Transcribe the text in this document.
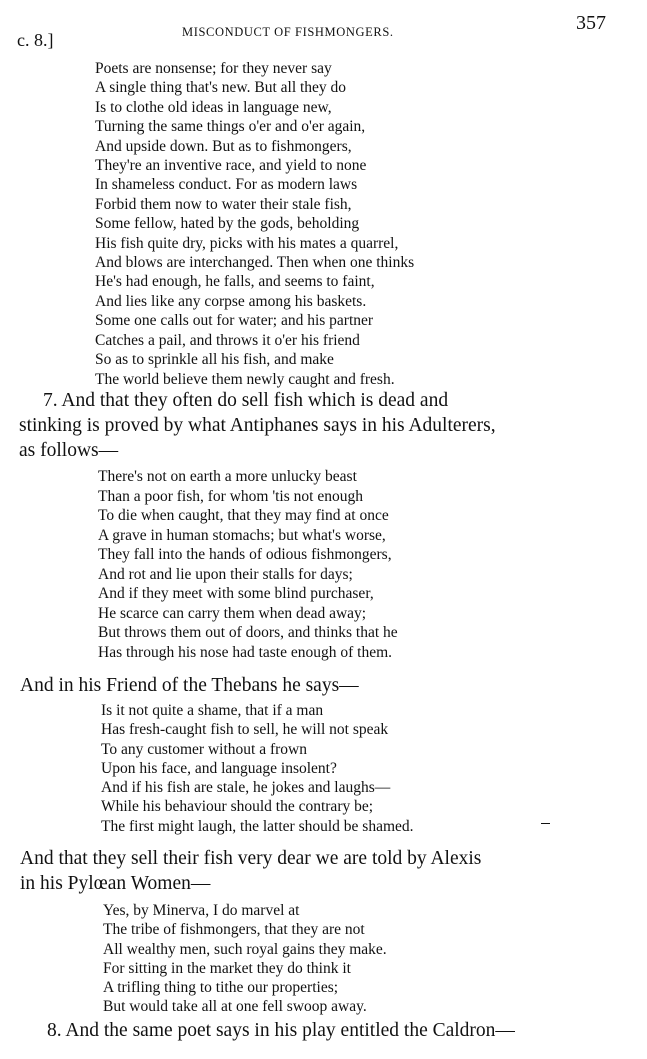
c. 8.]	MISCONDUCT OF FISHMONGERS.	357
Poets are nonsense; for they never say
A single thing that's new. But all they do
Is to clothe old ideas in language new,
Turning the same things o'er and o'er again,
And upside down. But as to fishmongers,
They're an inventive race, and yield to none
In shameless conduct. For as modern laws
Forbid them now to water their stale fish,
Some fellow, hated by the gods, beholding
His fish quite dry, picks with his mates a quarrel,
And blows are interchanged. Then when one thinks
He's had enough, he falls, and seems to faint,
And lies like any corpse among his baskets.
Some one calls out for water; and his partner
Catches a pail, and throws it o'er his friend
So as to sprinkle all his fish, and make
The world believe them newly caught and fresh.
7. And that they often do sell fish which is dead and
stinking is proved by what Antiphanes says in his Adulterers,
as follows—
There's not on earth a more unlucky beast
Than a poor fish, for whom 'tis not enough
To die when caught, that they may find at once
A grave in human stomachs; but what's worse,
They fall into the hands of odious fishmongers,
And rot and lie upon their stalls for days;
And if they meet with some blind purchaser,
He scarce can carry them when dead away;
But throws them out of doors, and thinks that he
Has through his nose had taste enough of them.
And in his Friend of the Thebans he says—
Is it not quite a shame, that if a man
Has fresh-caught fish to sell, he will not speak
To any customer without a frown
Upon his face, and language insolent?
And if his fish are stale, he jokes and laughs—
While his behaviour should the contrary be;
The first might laugh, the latter should be shamed.
And that they sell their fish very dear we are told by Alexis
in his Pylœan Women—
Yes, by Minerva, I do marvel at
The tribe of fishmongers, that they are not
All wealthy men, such royal gains they make.
For sitting in the market they do think it
A trifling thing to tithe our properties;
But would take all at one fell swoop away.
8. And the same poet says in his play entitled the Caldron—
